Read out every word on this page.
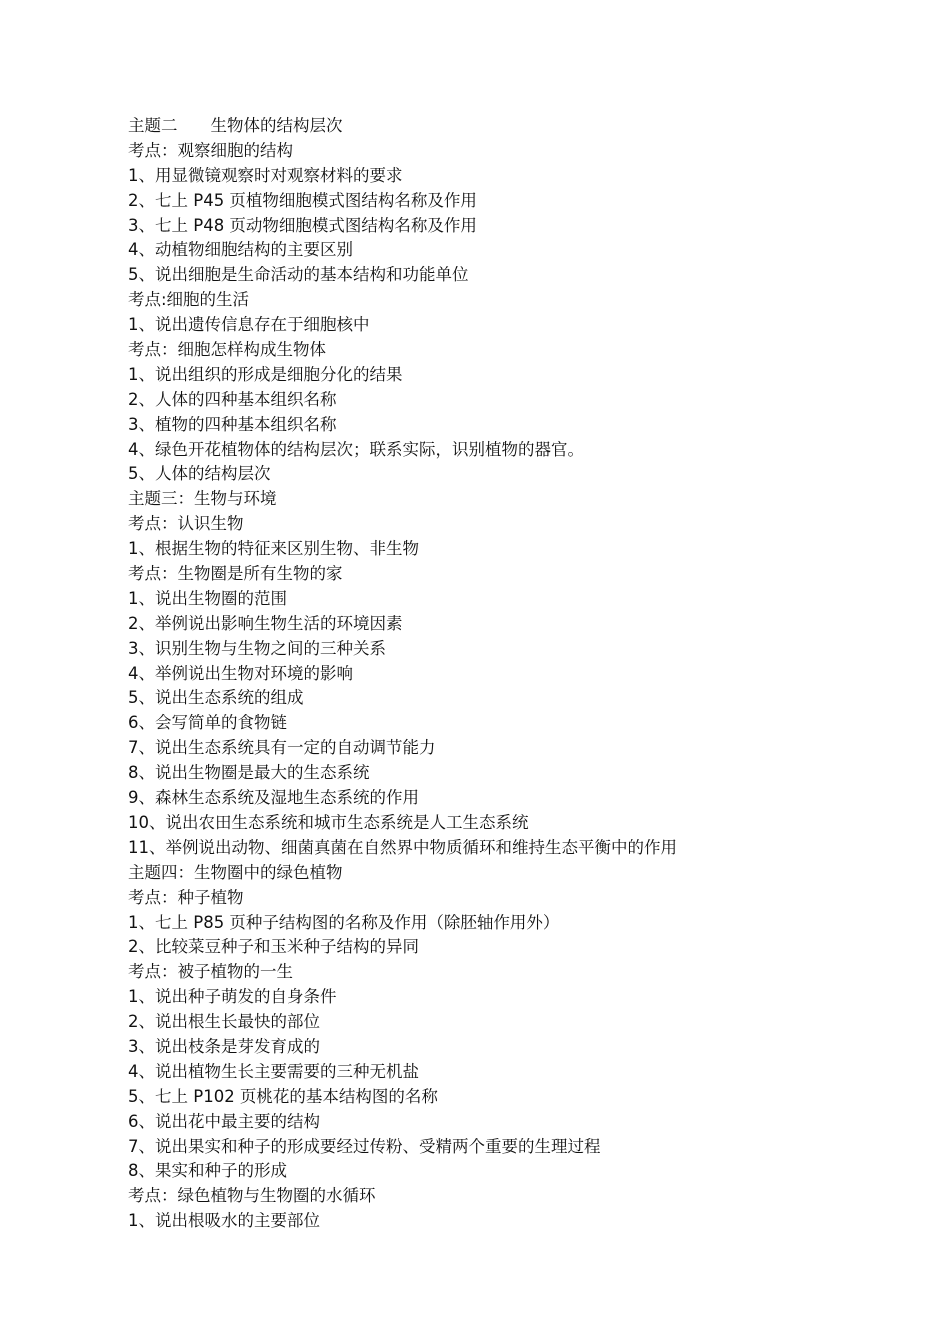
主题二　　生物体的结构层次
考点：观察细胞的结构
1、用显微镜观察时对观察材料的要求
2、七上 P45 页植物细胞模式图结构名称及作用
3、七上 P48 页动物细胞模式图结构名称及作用
4、动植物细胞结构的主要区别
5、说出细胞是生命活动的基本结构和功能单位
考点:细胞的生活
1、说出遗传信息存在于细胞核中
考点：细胞怎样构成生物体
1、说出组织的形成是细胞分化的结果
2、人体的四种基本组织名称
3、植物的四种基本组织名称
4、绿色开花植物体的结构层次；联系实际，识别植物的器官。
5、人体的结构层次
主题三：生物与环境
考点：认识生物
1、根据生物的特征来区别生物、非生物
考点：生物圈是所有生物的家
1、说出生物圈的范围
2、举例说出影响生物生活的环境因素
3、识别生物与生物之间的三种关系
4、举例说出生物对环境的影响
5、说出生态系统的组成
6、会写简单的食物链
7、说出生态系统具有一定的自动调节能力
8、说出生物圈是最大的生态系统
9、森林生态系统及湿地生态系统的作用
10、说出农田生态系统和城市生态系统是人工生态系统
11、举例说出动物、细菌真菌在自然界中物质循环和维持生态平衡中的作用
主题四：生物圈中的绿色植物
考点：种子植物
1、七上 P85 页种子结构图的名称及作用（除胚轴作用外）
2、比较菜豆种子和玉米种子结构的异同
考点：被子植物的一生
1、说出种子萌发的自身条件
2、说出根生长最快的部位
3、说出枝条是芽发育成的
4、说出植物生长主要需要的三种无机盐
5、七上 P102 页桃花的基本结构图的名称
6、说出花中最主要的结构
7、说出果实和种子的形成要经过传粉、受精两个重要的生理过程
8、果实和种子的形成
考点：绿色植物与生物圈的水循环
1、说出根吸水的主要部位
